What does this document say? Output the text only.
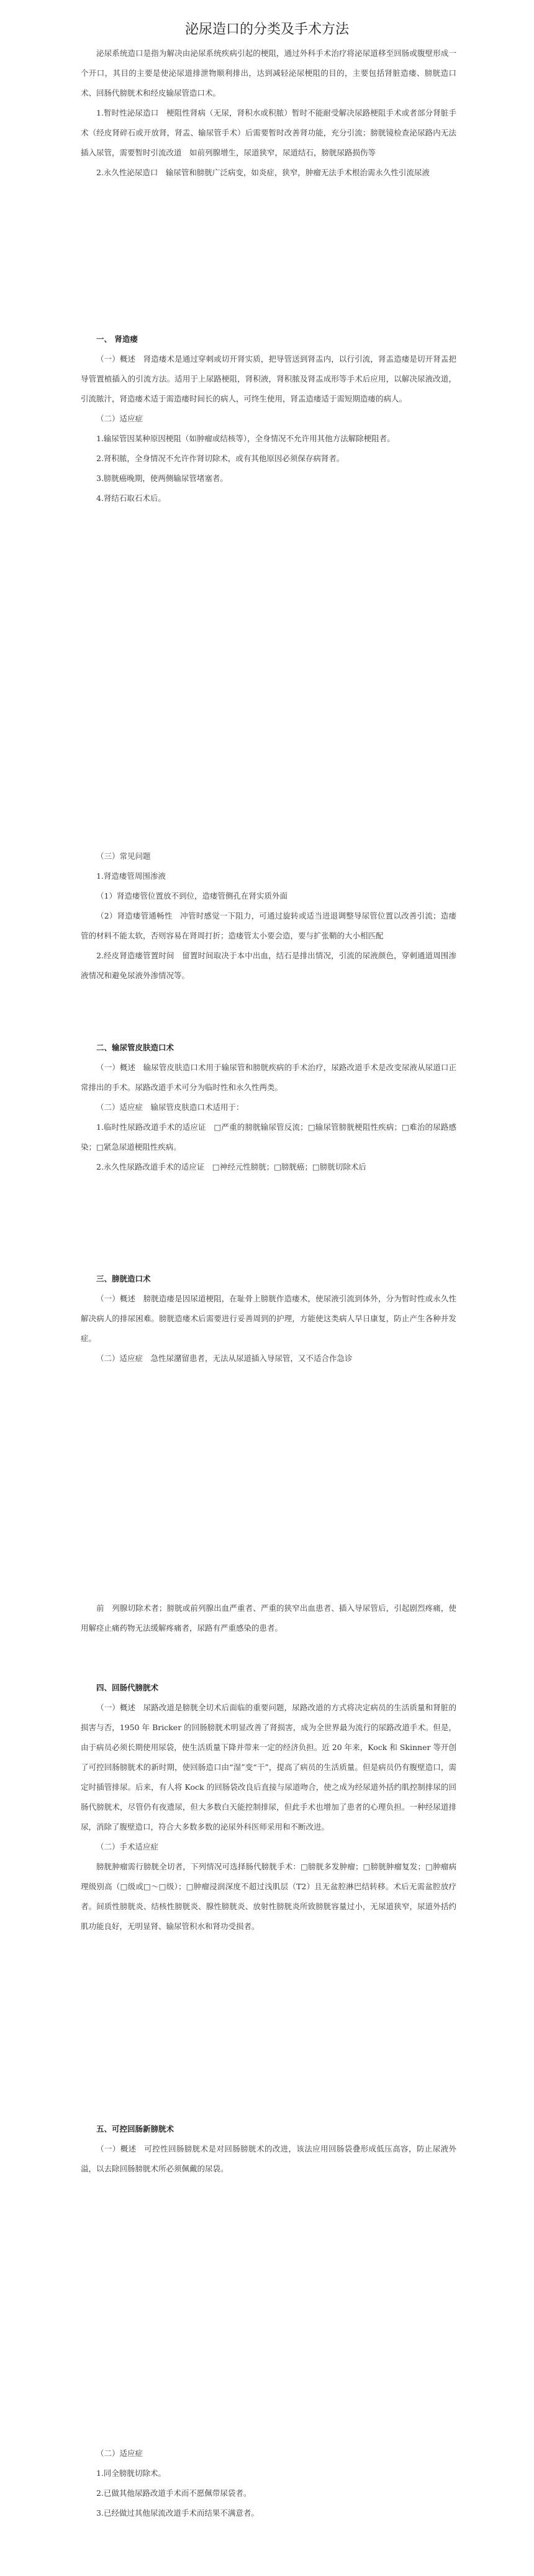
泌尿造口的分类及手术方法

泌尿系统造口是指为解决由泌尿系统疾病引起的梗阻，通过外科手术治疗将泌尿道移至回肠或腹壁形成一个开口，其目的主要是使泌尿道排泄物顺利排出，达到减轻泌尿梗阻的目的，主要包括肾脏造瘘、膀胱造口术、回肠代膀胱术和经皮输尿管造口术。

1.暂时性泌尿造口　梗阻性肾病（无尿，肾积水或积脓）暂时不能耐受解决尿路梗阻手术或者部分肾脏手术（经皮肾碎石或开放肾，肾盂、输尿管手术）后需要暂时改善肾功能，充分引流；膀胱镜检查泌尿路内无法插入尿管，需要暂时引流改道　如前列腺增生，尿道狭窄，尿道结石，膀胱尿路损伤等

2.永久性泌尿造口　输尿管和膀胱广泛病变，如炎症，狭窄，肿瘤无法手术根治需永久性引流尿液

一、 肾造瘘

（一）概述　肾造瘘术是通过穿刺或切开肾实质，把导管送到肾盂内，以行引流，肾盂造瘘是切开肾盂把导管置植插入的引流方法。适用于上尿路梗阻，肾积液，肾积脓及肾盂成形等手术后应用，以解决尿液改道，引流脓汁，肾造瘘术适于需造瘘时间长的病人，可终生使用，肾盂造瘘适于需短期造瘘的病人。

（二）适应症

1.输尿管因某种原因梗阻（如肿瘤或结核等），全身情况不允许用其他方法解除梗阻者。

2.肾积脓，全身情况不允许作肾切除术，或有其他原因必须保存病肾者。

3.膀胱癌晚期，使两侧输尿管堵塞者。

4.肾结石取石术后。

（三）常见问题

1.肾造瘘管周围渗液

（1）肾造瘘管位置放不到位，造瘘管侧孔在肾实质外面

（2）肾造瘘管通畅性　冲管时感觉一下阻力，可通过旋转或适当进退调整导尿管位置以改善引流；造瘘管的材料不能太软，否则容易在肾周打折；造瘘管太小要会造，要与扩张鞘的大小相匹配

2.经皮肾造瘘管置时间　留置时间取决于本中出血，结石是排出情况，引流的尿液颜色，穿刺通道周围渗液情况和避免尿液外渗情况等。

二、输尿管皮肤造口术

（一）概述　输尿管皮肤造口术用于输尿管和膀胱疾病的手术治疗，尿路改道手术是改变尿液从尿道口正常排出的手术。尿路改道手术可分为临时性和永久性两类。

（二）适应症　输尿管皮肤造口术适用于：

1.临时性尿路改道手术的适应证　□严重的膀胱输尿管反流；□输尿管膀胱梗阻性疾病；□难治的尿路感染；□紧急尿道梗阻性疾病。

2.永久性尿路改道手术的适应证　□神经元性膀胱；□膀胱癌；□膀胱切除术后

三、膀胱造口术

（一）概述　膀胱造瘘是因尿道梗阻，在耻骨上膀胱作造瘘术，使尿液引流到体外，分为暂时性或永久性解决病人的排尿困难。膀胱造瘘术后需要进行妥善周到的护理，方能使这类病人早日康复，防止产生各种并发症。

（二）适应症　急性尿潴留患者，无法从尿道插入导尿管，又不适合作急诊

前　列腺切除术者；膀胱或前列腺出血严重者、严重的狭窄出血患者、插入导尿管后，引起剧烈疼痛，使用解痉止痛药物无法缓解疼痛者，尿路有严重感染的患者。

四、回肠代膀胱术

（一）概述　尿路改道是膀胱全切术后面临的重要问题，尿路改道的方式将决定病员的生活质量和肾脏的损害与否，1950 年 Bricker 的回肠膀胱术明显改善了肾损害，成为全世界最为流行的尿路改道手术。但是，由于病员必须长期使用尿袋，使生活质量下降并带来一定的经济负担。近 20 年来，Kock 和 Skinner 等开创了可控回肠膀胱术的新时期，使回肠造口由“湿”变“干”，提高了病员的生活质量。但是病员仍有腹壁造口，需定时插管排尿。后来，有人将 Kock 的回肠袋改良后直接与尿道吻合，使之成为经尿道外括约肌控制排尿的回肠代膀胱术，尽管仍有夜遗尿，但大多数白天能控制排尿，但此手术也增加了患者的心理负担。一种经尿道排尿，消除了腹壁造口，符合大多数多数的泌尿外科医师采用和不断改进。

（二）手术适应症

膀胱肿瘤需行膀胱全切者，下列情况可选择肠代膀胱手术：□膀胱多发肿瘤；□膀胱肿瘤复发；□肿瘤病理级别高（□级或□～□级）；□肿瘤浸润深度不超过浅肌层（T2）且无盆腔淋巴结转移。术后无需盆腔放疗者。间质性膀胱炎、结核性膀胱炎、腺性膀胱炎、放射性膀胱炎所致膀胱容量过小，无尿道狭窄，尿道外括约肌功能良好，无明显肾、输尿管积水和肾功受损者。

五、可控回肠新膀胱术

（一）概述　可控性回肠膀胱术是对回肠膀胱术的改进，该法应用回肠袋叠形成低压高容，防止尿液外溢，以去除回肠膀胱术所必须佩戴的尿袋。

（二）适应症

1.同全膀胱切除术。

2.已做其他尿路改道手术而不愿佩带尿袋者。

3.已经做过其他尿流改道手术而结果不满意者。
